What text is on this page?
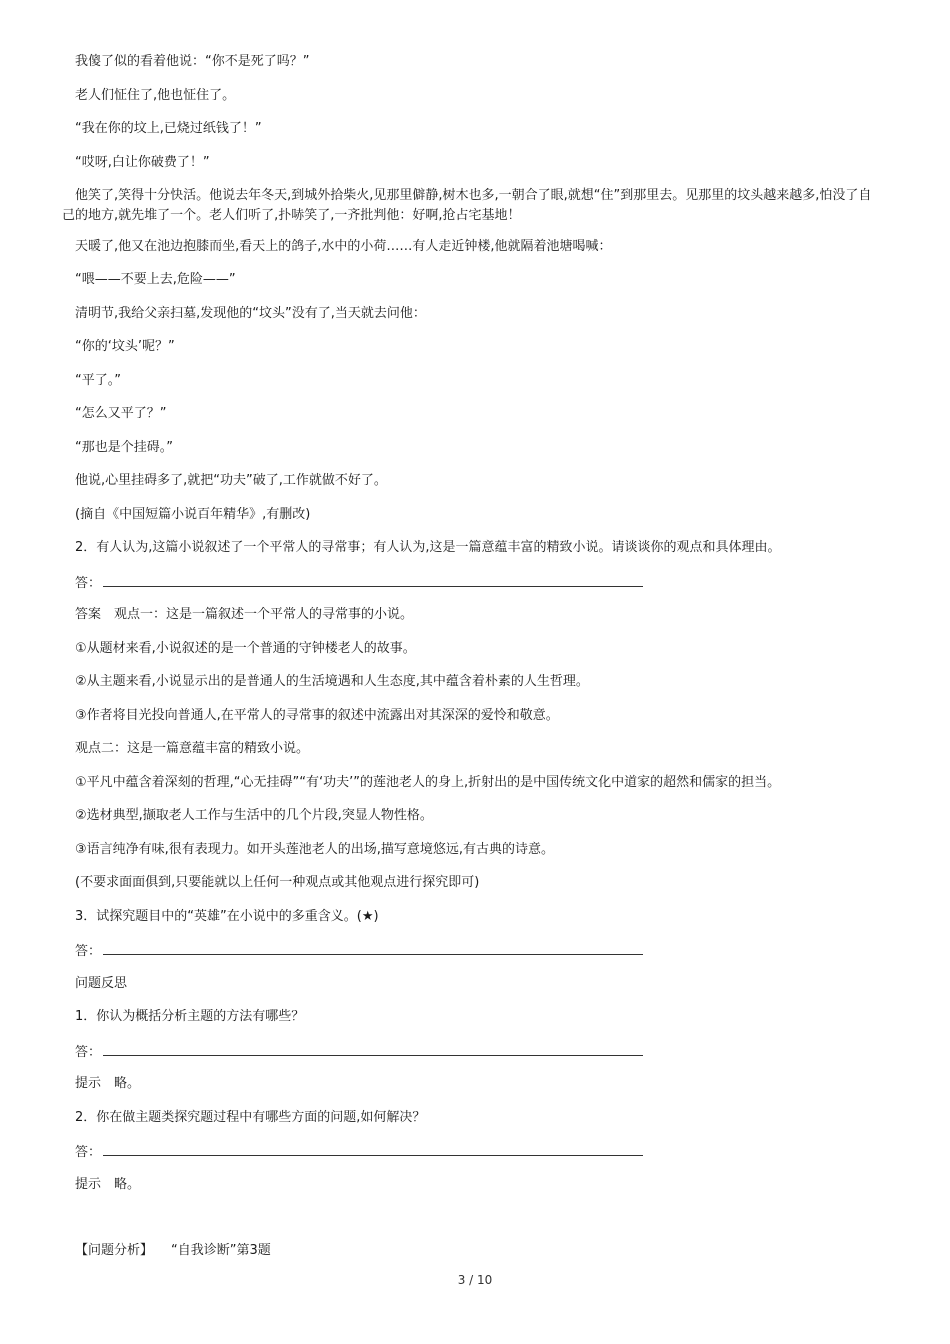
我傻了似的看着他说：“你不是死了吗？”
老人们怔住了,他也怔住了。
“我在你的坟上,已烧过纸钱了！”
“哎呀,白让你破费了！”
他笑了,笑得十分快活。他说去年冬天,到城外拾柴火,见那里僻静,树木也多,一朝合了眼,就想“住”到那里去。见那里的坟头越来越多,怕没了自
己的地方,就先堆了一个。老人们听了,扑哧笑了,一齐批判他：好啊,抢占宅基地！
天暖了,他又在池边抱膝而坐,看天上的鸽子,水中的小荷……有人走近钟楼,他就隔着池塘喝喊：
“喂——不要上去,危险——”
清明节,我给父亲扫墓,发现他的“坟头”没有了,当天就去问他：
“你的‘坟头’呢？”
“平了。”
“怎么又平了？”
“那也是个挂碍。”
他说,心里挂碍多了,就把“功夫”破了,工作就做不好了。
(摘自《中国短篇小说百年精华》,有删改)
2．有人认为,这篇小说叙述了一个平常人的寻常事；有人认为,这是一篇意蕴丰富的精致小说。请谈谈你的观点和具体理由。
答：
答案　观点一：这是一篇叙述一个平常人的寻常事的小说。
①从题材来看,小说叙述的是一个普通的守钟楼老人的故事。
②从主题来看,小说显示出的是普通人的生活境遇和人生态度,其中蕴含着朴素的人生哲理。
③作者将目光投向普通人,在平常人的寻常事的叙述中流露出对其深深的爱怜和敬意。
观点二：这是一篇意蕴丰富的精致小说。
①平凡中蕴含着深刻的哲理,“心无挂碍”“有‘功夫’”的莲池老人的身上,折射出的是中国传统文化中道家的超然和儒家的担当。
②选材典型,撷取老人工作与生活中的几个片段,突显人物性格。
③语言纯净有味,很有表现力。如开头莲池老人的出场,描写意境悠远,有古典的诗意。
(不要求面面俱到,只要能就以上任何一种观点或其他观点进行探究即可)
3．试探究题目中的“英雄”在小说中的多重含义。(★)
答：
问题反思
1．你认为概括分析主题的方法有哪些？
答：
提示　略。
2．你在做主题类探究题过程中有哪些方面的问题,如何解决？
答：
提示　略。
【问题分析】 “自我诊断”第3题
3 / 10
